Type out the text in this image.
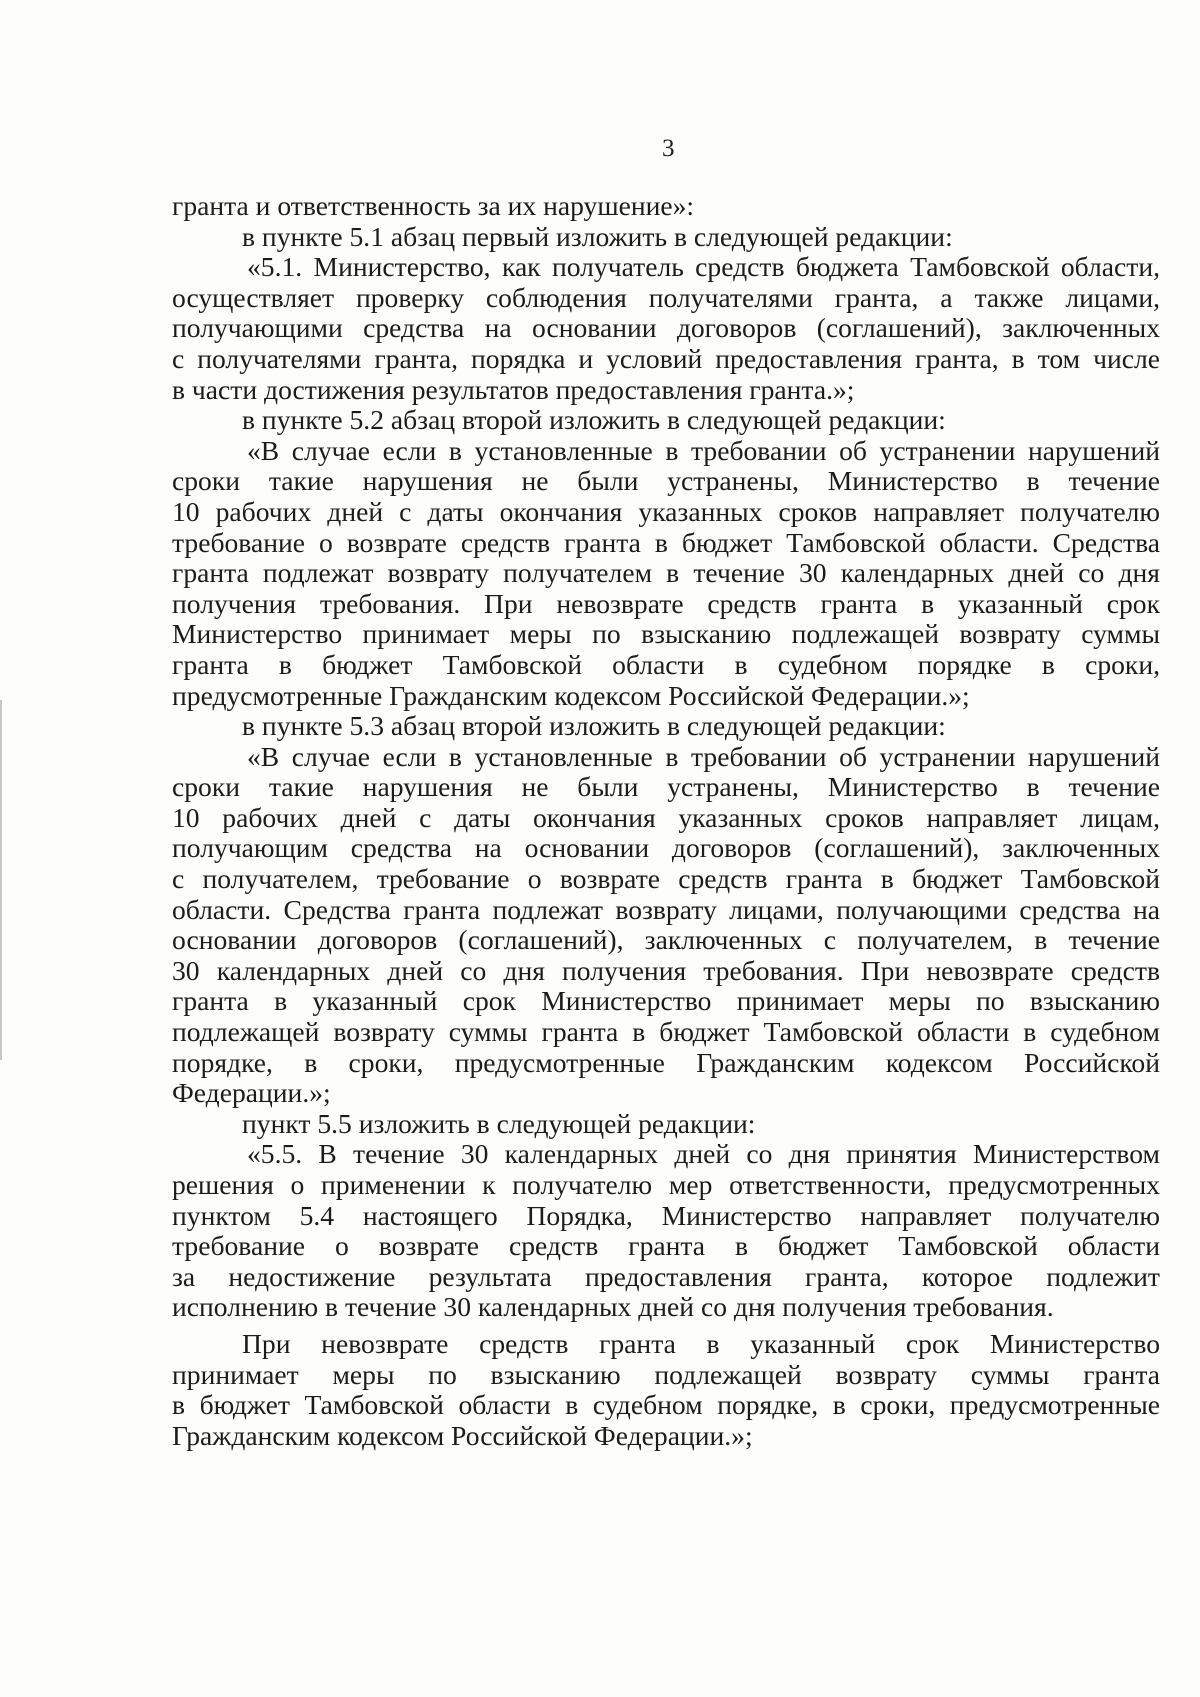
3
гранта и ответственность за их нарушение»:
в пункте 5.1 абзац первый изложить в следующей редакции:
«5.1. Министерство, как получатель средств бюджета Тамбовской области,
осуществляет проверку соблюдения получателями гранта, а также лицами,
получающими средства на основании договоров (соглашений), заключенных
с получателями гранта, порядка и условий предоставления гранта, в том числе
в части достижения результатов предоставления гранта.»;
в пункте 5.2 абзац второй изложить в следующей редакции:
«В случае если в установленные в требовании об устранении нарушений
сроки такие нарушения не были устранены, Министерство в течение
10 рабочих дней с даты окончания указанных сроков направляет получателю
требование о возврате средств гранта в бюджет Тамбовской области. Средства
гранта подлежат возврату получателем в течение 30 календарных дней со дня
получения требования. При невозврате средств гранта в указанный срок
Министерство принимает меры по взысканию подлежащей возврату суммы
гранта в бюджет Тамбовской области в судебном порядке в сроки,
предусмотренные Гражданским кодексом Российской Федерации.»;
в пункте 5.3 абзац второй изложить в следующей редакции:
«В случае если в установленные в требовании об устранении нарушений
сроки такие нарушения не были устранены, Министерство в течение
10 рабочих дней с даты окончания указанных сроков направляет лицам,
получающим средства на основании договоров (соглашений), заключенных
с получателем, требование о возврате средств гранта в бюджет Тамбовской
области. Средства гранта подлежат возврату лицами, получающими средства на
основании договоров (соглашений), заключенных с получателем, в течение
30 календарных дней со дня получения требования. При невозврате средств
гранта в указанный срок Министерство принимает меры по взысканию
подлежащей возврату суммы гранта в бюджет Тамбовской области в судебном
порядке, в сроки, предусмотренные Гражданским кодексом Российской
Федерации.»;
пункт 5.5 изложить в следующей редакции:
«5.5. В течение 30 календарных дней со дня принятия Министерством
решения о применении к получателю мер ответственности, предусмотренных
пунктом 5.4 настоящего Порядка, Министерство направляет получателю
требование о возврате средств гранта в бюджет Тамбовской области
за недостижение результата предоставления гранта, которое подлежит
исполнению в течение 30 календарных дней со дня получения требования.
При невозврате средств гранта в указанный срок Министерство
принимает меры по взысканию подлежащей возврату суммы гранта
в бюджет Тамбовской области в судебном порядке, в сроки, предусмотренные
Гражданским кодексом Российской Федерации.»;
